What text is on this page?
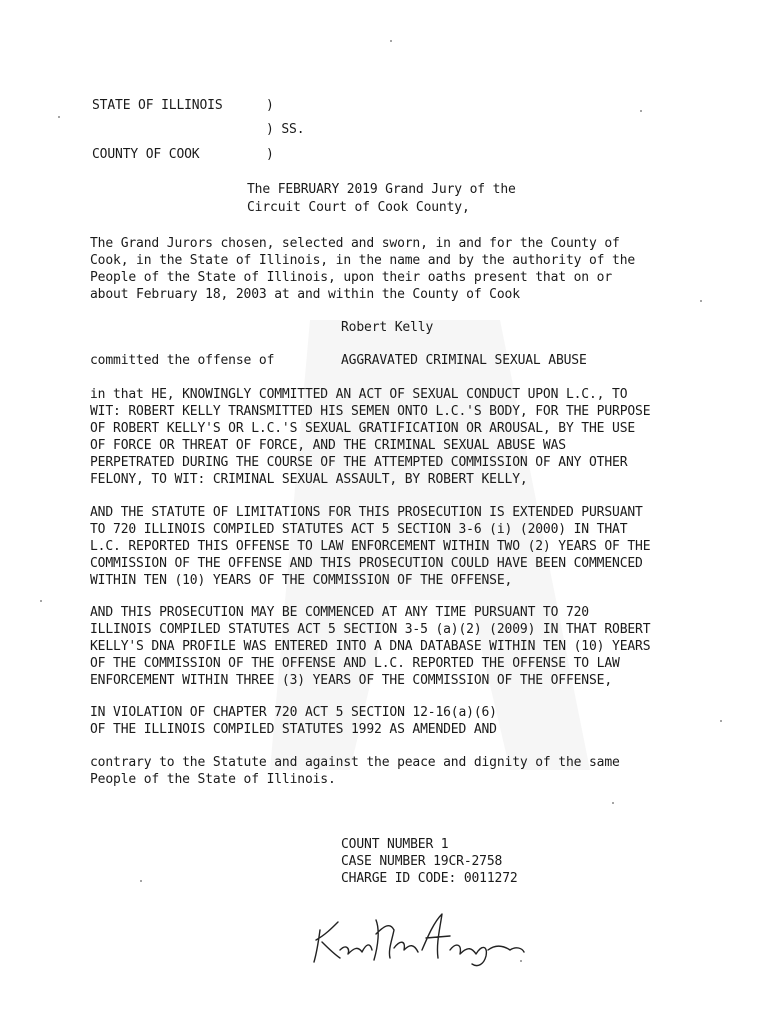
STATE OF ILLINOIS	)
) SS.
COUNTY OF COOK	)
The FEBRUARY 2019 Grand Jury of the
Circuit Court of Cook County,
The Grand Jurors chosen, selected and sworn, in and for the County of
Cook, in the State of Illinois, in the name and by the authority of the
People of the State of Illinois, upon their oaths present that on or
about February 18, 2003 at and within the County of Cook
Robert Kelly
committed the offense of	AGGRAVATED CRIMINAL SEXUAL ABUSE
in that HE, KNOWINGLY COMMITTED AN ACT OF SEXUAL CONDUCT UPON L.C., TO
WIT: ROBERT KELLY TRANSMITTED HIS SEMEN ONTO L.C.'S BODY, FOR THE PURPOSE
OF ROBERT KELLY'S OR L.C.'S SEXUAL GRATIFICATION OR AROUSAL, BY THE USE
OF FORCE OR THREAT OF FORCE, AND THE CRIMINAL SEXUAL ABUSE WAS
PERPETRATED DURING THE COURSE OF THE ATTEMPTED COMMISSION OF ANY OTHER
FELONY, TO WIT: CRIMINAL SEXUAL ASSAULT, BY ROBERT KELLY,
AND THE STATUTE OF LIMITATIONS FOR THIS PROSECUTION IS EXTENDED PURSUANT
TO 720 ILLINOIS COMPILED STATUTES ACT 5 SECTION 3-6 (i) (2000) IN THAT
L.C. REPORTED THIS OFFENSE TO LAW ENFORCEMENT WITHIN TWO (2) YEARS OF THE
COMMISSION OF THE OFFENSE AND THIS PROSECUTION COULD HAVE BEEN COMMENCED
WITHIN TEN (10) YEARS OF THE COMMISSION OF THE OFFENSE,
AND THIS PROSECUTION MAY BE COMMENCED AT ANY TIME PURSUANT TO 720
ILLINOIS COMPILED STATUTES ACT 5 SECTION 3-5 (a)(2) (2009) IN THAT ROBERT
KELLY'S DNA PROFILE WAS ENTERED INTO A DNA DATABASE WITHIN TEN (10) YEARS
OF THE COMMISSION OF THE OFFENSE AND L.C. REPORTED THE OFFENSE TO LAW
ENFORCEMENT WITHIN THREE (3) YEARS OF THE COMMISSION OF THE OFFENSE,
IN VIOLATION OF CHAPTER 720 ACT 5 SECTION 12-16(a)(6)
OF THE ILLINOIS COMPILED STATUTES 1992 AS AMENDED AND
contrary to the Statute and against the peace and dignity of the same
People of the State of Illinois.
COUNT NUMBER 1
CASE NUMBER 19CR-2758
CHARGE ID CODE: 0011272
